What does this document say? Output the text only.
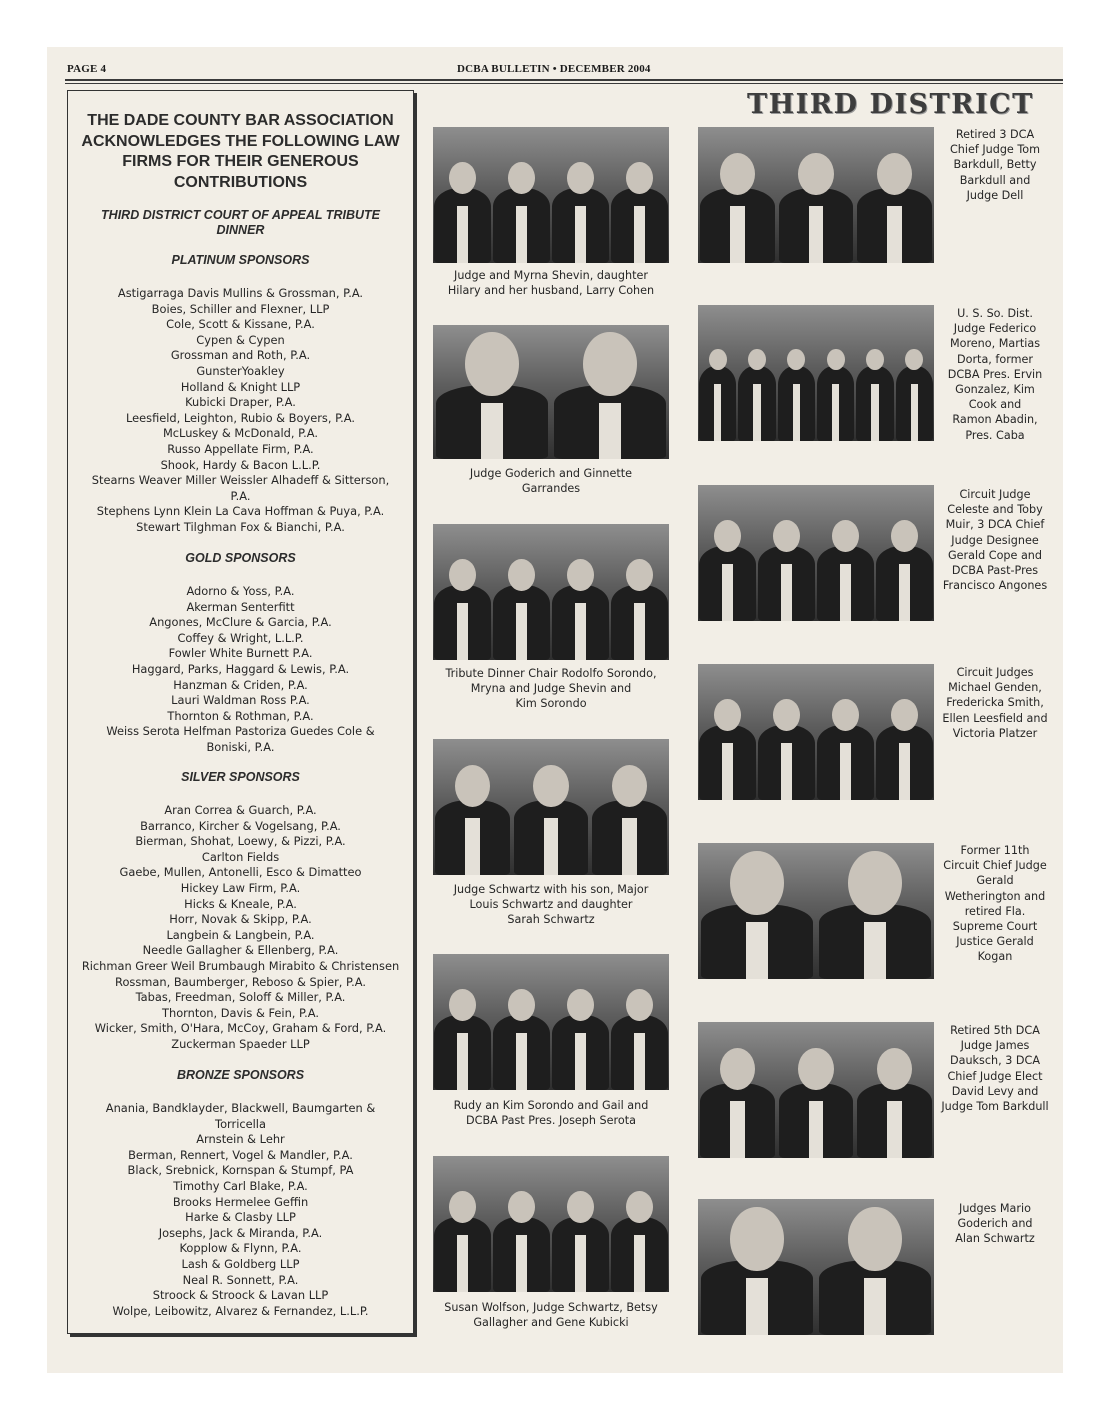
PAGE 4	DCBA BULLETIN • DECEMBER 2004
THIRD DISTRICT
THE DADE COUNTY BAR ASSOCIATION
ACKNOWLEDGES THE FOLLOWING LAW
FIRMS FOR THEIR GENEROUS
CONTRIBUTIONS
THIRD DISTRICT COURT OF APPEAL TRIBUTE
DINNER
PLATINUM SPONSORS
Astigarraga Davis Mullins & Grossman, P.A.
Boies, Schiller and Flexner, LLP
Cole, Scott & Kissane, P.A.
Cypen & Cypen
Grossman and Roth, P.A.
GunsterYoakley
Holland & Knight LLP
Kubicki Draper, P.A.
Leesfield, Leighton, Rubio & Boyers, P.A.
McLuskey & McDonald, P.A.
Russo Appellate Firm, P.A.
Shook, Hardy & Bacon L.L.P.
Stearns Weaver Miller Weissler Alhadeff & Sitterson,
P.A.
Stephens Lynn Klein La Cava Hoffman & Puya, P.A.
Stewart Tilghman Fox & Bianchi, P.A.
GOLD SPONSORS
Adorno & Yoss, P.A.
Akerman Senterfitt
Angones, McClure & Garcia, P.A.
Coffey & Wright, L.L.P.
Fowler White Burnett P.A.
Haggard, Parks, Haggard & Lewis, P.A.
Hanzman & Criden, P.A.
Lauri Waldman Ross P.A.
Thornton & Rothman, P.A.
Weiss Serota Helfman Pastoriza Guedes Cole &
Boniski, P.A.
SILVER SPONSORS
Aran Correa & Guarch, P.A.
Barranco, Kircher & Vogelsang, P.A.
Bierman, Shohat, Loewy, & Pizzi, P.A.
Carlton Fields
Gaebe, Mullen, Antonelli, Esco & Dimatteo
Hickey Law Firm, P.A.
Hicks & Kneale, P.A.
Horr, Novak & Skipp, P.A.
Langbein & Langbein, P.A.
Needle Gallagher & Ellenberg, P.A.
Richman Greer Weil Brumbaugh Mirabito & Christensen
Rossman, Baumberger, Reboso & Spier, P.A.
Tabas, Freedman, Soloff & Miller, P.A.
Thornton, Davis & Fein, P.A.
Wicker, Smith, O'Hara, McCoy, Graham & Ford, P.A.
Zuckerman Spaeder LLP
BRONZE SPONSORS
Anania, Bandklayder, Blackwell, Baumgarten &
Torricella
Arnstein & Lehr
Berman, Rennert, Vogel & Mandler, P.A.
Black, Srebnick, Kornspan & Stumpf, PA
Timothy Carl Blake, P.A.
Brooks Hermelee Geffin
Harke & Clasby LLP
Josephs, Jack & Miranda, P.A.
Kopplow & Flynn, P.A.
Lash & Goldberg LLP
Neal R. Sonnett, P.A.
Stroock & Stroock & Lavan LLP
Wolpe, Leibowitz, Alvarez & Fernandez, L.L.P.
Judge and Myrna Shevin, daughter
Hilary and her husband, Larry Cohen
Judge Goderich and Ginnette
Garrandes
Tribute Dinner Chair Rodolfo Sorondo,
Mryna and Judge Shevin and
Kim Sorondo
Judge Schwartz with his son, Major
Louis Schwartz and daughter
Sarah Schwartz
Rudy an Kim Sorondo and Gail and
DCBA Past Pres. Joseph Serota
Susan Wolfson, Judge Schwartz, Betsy
Gallagher and Gene Kubicki
Retired 3 DCA
Chief Judge Tom
Barkdull, Betty
Barkdull and
Judge Dell
U. S. So. Dist.
Judge Federico
Moreno, Martias
Dorta, former
DCBA Pres. Ervin
Gonzalez, Kim
Cook and
Ramon Abadin,
Pres. Caba
Circuit Judge
Celeste and Toby
Muir, 3 DCA Chief
Judge Designee
Gerald Cope and
DCBA Past-Pres
Francisco Angones
Circuit Judges
Michael Genden,
Fredericka Smith,
Ellen Leesfield and
Victoria Platzer
Former 11th
Circuit Chief Judge
Gerald
Wetherington and
retired Fla.
Supreme Court
Justice Gerald
Kogan
Retired 5th DCA
Judge James
Dauksch, 3 DCA
Chief Judge Elect
David Levy and
Judge Tom Barkdull
Judges Mario
Goderich and
Alan Schwartz
